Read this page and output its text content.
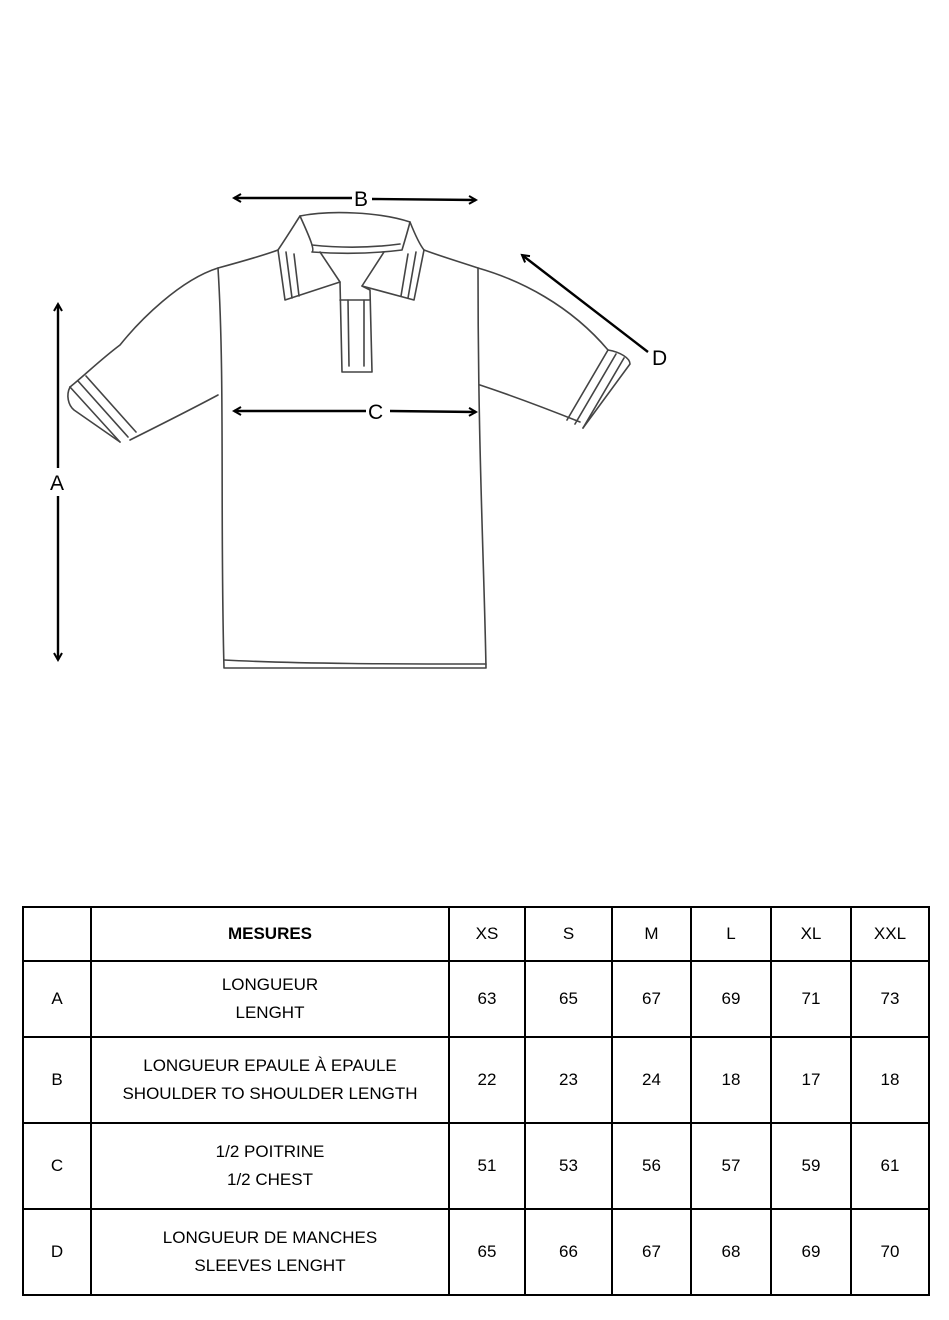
B
C
D
A
	MESURES	XS	S	M	L	XL	XXL
A	LONGUEUR
LENGHT	63	65	67	69	71	73
B	LONGUEUR EPAULE À EPAULE
SHOULDER TO SHOULDER LENGTH	22	23	24	18	17	18
C	1/2 POITRINE
1/2 CHEST	51	53	56	57	59	61
D	LONGUEUR DE MANCHES
SLEEVES LENGHT	65	66	67	68	69	70
